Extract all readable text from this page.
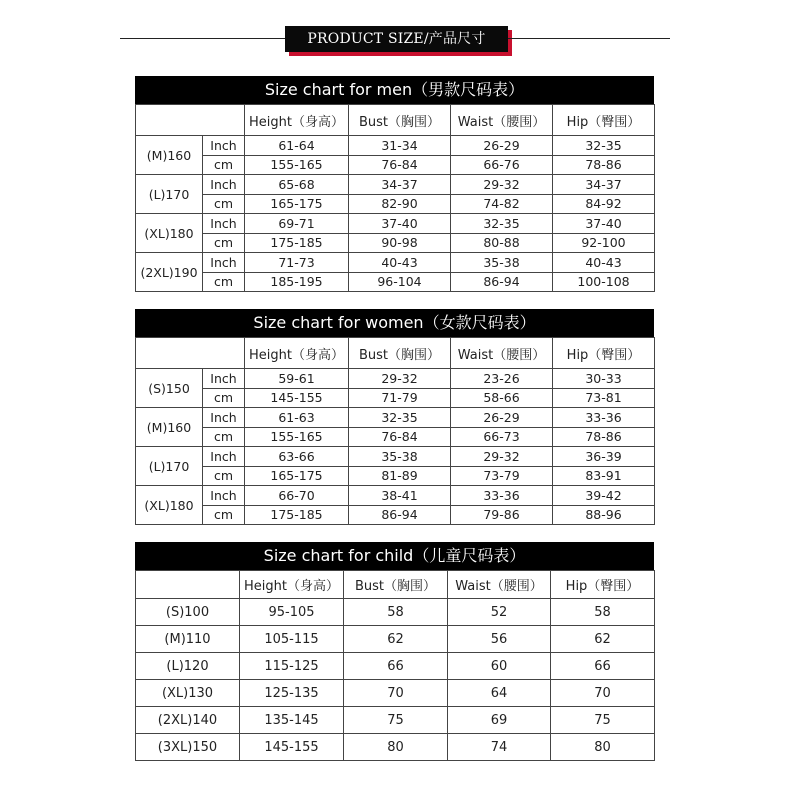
PRODUCT SIZE/产品尺寸
Size chart for men（男款尺码表）
		Height（身高）	Bust（胸围）	Waist（腰围）	Hip（臀围）
(M)160	Inch	61-64	31-34	26-29	32-35
	cm	155-165	76-84	66-76	78-86
(L)170	Inch	65-68	34-37	29-32	34-37
	cm	165-175	82-90	74-82	84-92
(XL)180	Inch	69-71	37-40	32-35	37-40
	cm	175-185	90-98	80-88	92-100
(2XL)190	Inch	71-73	40-43	35-38	40-43
	cm	185-195	96-104	86-94	100-108
Size chart for women（女款尺码表）
		Height（身高）	Bust（胸围）	Waist（腰围）	Hip（臀围）
(S)150	Inch	59-61	29-32	23-26	30-33
	cm	145-155	71-79	58-66	73-81
(M)160	Inch	61-63	32-35	26-29	33-36
	cm	155-165	76-84	66-73	78-86
(L)170	Inch	63-66	35-38	29-32	36-39
	cm	165-175	81-89	73-79	83-91
(XL)180	Inch	66-70	38-41	33-36	39-42
	cm	175-185	86-94	79-86	88-96
Size chart for child（儿童尺码表）
	Height（身高）	Bust（胸围）	Waist（腰围）	Hip（臀围）
(S)100	95-105	58	52	58
(M)110	105-115	62	56	62
(L)120	115-125	66	60	66
(XL)130	125-135	70	64	70
(2XL)140	135-145	75	69	75
(3XL)150	145-155	80	74	80
